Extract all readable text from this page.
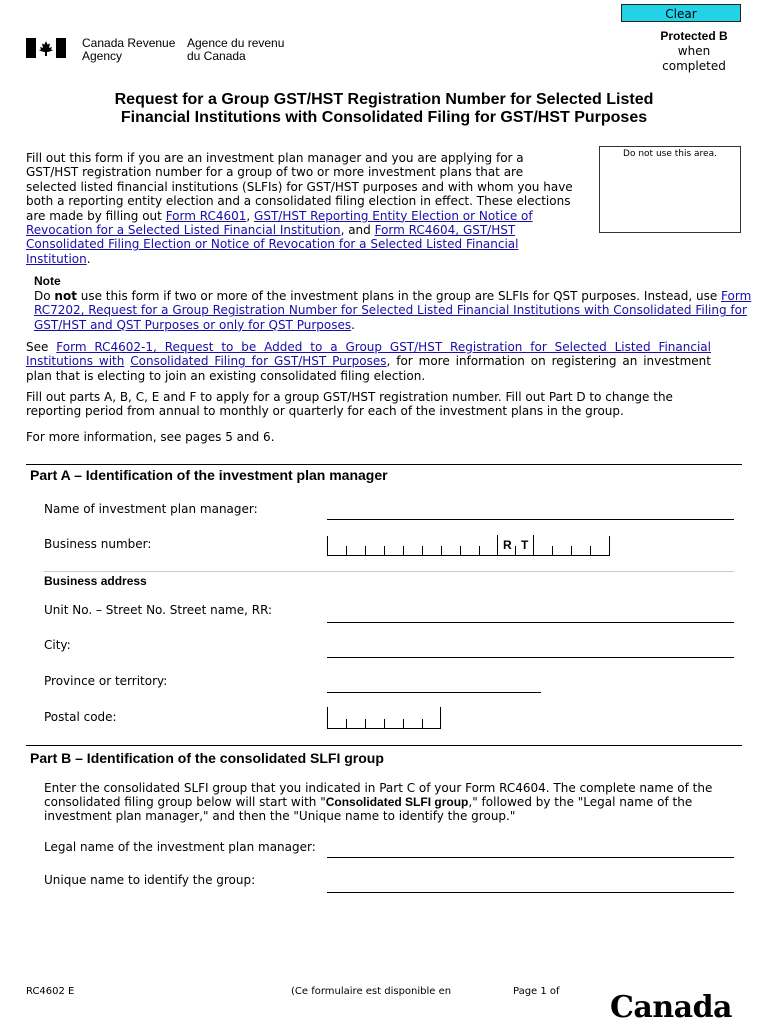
Clear
Protected B
when
completed
Canada Revenue
Agency
Agence du revenu
du Canada
Request for a Group GST/HST Registration Number for Selected Listed
Financial Institutions with Consolidated Filing for GST/HST Purposes
Do not use this area.
Fill out this form if you are an investment plan manager and you are applying for a GST/HST registration number for a group of two or more investment plans that are selected listed financial institutions (SLFIs) for GST/HST purposes and with whom you have both a reporting entity election and a consolidated filing election in effect. These elections are made by filling out Form RC4601, GST/HST Reporting Entity Election or Notice of Revocation for a Selected Listed Financial Institution, and Form RC4604, GST/HST Consolidated Filing Election or Notice of Revocation for a Selected Listed Financial Institution.
Note
Do not use this form if two or more of the investment plans in the group are SLFIs for QST purposes. Instead, use Form RC7202, Request for a Group Registration Number for Selected Listed Financial Institutions with Consolidated Filing for GST/HST and QST Purposes or only for QST Purposes.
See Form RC4602-1, Request to be Added to a Group GST/HST Registration for Selected Listed Financial Institutions with Consolidated Filing for GST/HST Purposes, for more information on registering an investment plan that is electing to join an existing consolidated filing election.
Fill out parts A, B, C, E and F to apply for a group GST/HST registration number. Fill out Part D to change the reporting period from annual to monthly or quarterly for each of the investment plans in the group.
For more information, see pages 5 and 6.
Part A – Identification of the investment plan manager
Name of investment plan manager:
Business number:	R T
Business address
Unit No. – Street No. Street name, RR:
City:
Province or territory:
Postal code:
Part B – Identification of the consolidated SLFI group
Enter the consolidated SLFI group that you indicated in Part C of your Form RC4604. The complete name of the consolidated filing group below will start with "Consolidated SLFI group," followed by the "Legal name of the investment plan manager," and then the "Unique name to identify the group."
Legal name of the investment plan manager:
Unique name to identify the group:
RC4602 E	(Ce formulaire est disponible en	Page 1 of Canada
